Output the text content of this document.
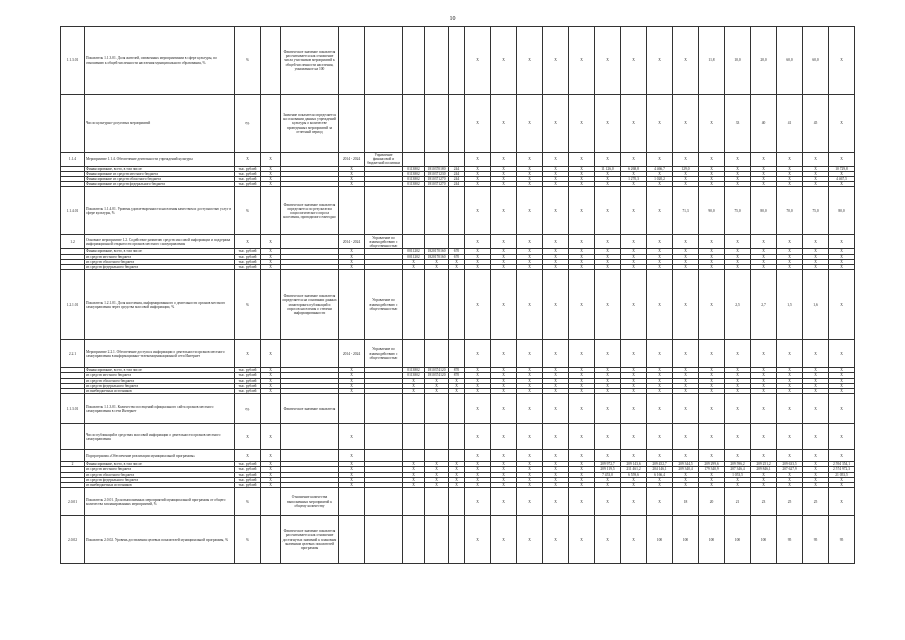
10
1.1.3.01	Показатель 1.1.3.01. Доля жителей, охваченных мероприятиями в сфере культуры, по отношению к общей численности населения муниципального образования, %	%		Фактическое значение показателя рассчитывается как отношение числа участников мероприятий к общей численности населения, умноженное на 100						X	X	X	X	X	X	X	X	X	11,8	10,0	20,0	60,0	60,0	X
	Число культурно-досуговых мероприятий	ед.		Значение показателя определяется на основании данных учреждений культуры о количестве проведенных мероприятий за отчетный период						X	X	X	X	X	X	X	X	X	X	33	40	41	45	X
1.1.4	Мероприятие 1.1.4. Обеспечение деятельности учреждений культуры	X	X		2014 - 2024	Управление финансовой и бюджетной политики				X	X	X	X	X	X	X	X	X	X	X	X	X	X	X
	Финансирование, всего, в том числе:	тыс. рублей	X		X		0113802	1810370180	244	X	X	X	X	X	11 126,0	6 268,8	4 466,7	129,0	X	X	X	X	X	10 729,8
	Финансирование из средств местного бюджета	тыс. рублей	X		X		0113802	1810371230	244	X	X	X	X	X	X	X	X	X	X	X	X	X	X	X
	Финансирование из средств областного бюджета	тыс. рублей	X		X		0113802	1810371270	244	X	X	X	X	X	X	1 270,3	1 020,2	X	X	X	X	X	X	4 467,5
	Финансирование из средств федерального бюджета	тыс. рублей	X		X		0113802	1810371270	244	X	X	X	X	X	X	X	X	X	X	X	X	X	X	X
1.1.4.01	Показатель 1.1.4.01. Уровень удовлетворенности населения качеством и доступностью услуг в сфере культуры, %	%		Фактическое значение показателя определяется по результатам социологического опроса населения, проводимого ежегодно						X	X	X	X	X	X	X	X	71,3	90,0	75,0	80,0	70,0	75,0	80,0
1.2	Основное мероприятие 1.2. Содействие развитию средств массовой информации и поддержка информационной открытости органов местного самоуправления	X	X		2014 - 2024	Управление по взаимодействию с общественностью				X	X	X	X	X	X	X	X	X	X	X	X	X	X	X
	Финансирование, всего, в том числе:	тыс. рублей	X		X		0011202	1820170160	670	X	X	X	X	X	X	X	X	X	X	X	X	X	X	X
	из средств местного бюджета	тыс. рублей	X		X		0011202	1820170160	670	X	X	X	X	X	X	X	X	X	X	X	X	X	X	X
	из средств областного бюджета	тыс. рублей	X		X		X	X	X	X	X	X	X	X	X	X	X	X	X	X	X	X	X	X
	из средств федерального бюджета	тыс. рублей	X		X		X	X	X	X	X	X	X	X	X	X	X	X	X	X	X	X	X	X
1.2.1.01	Показатель 1.2.1.01. Доля населения, информированного о деятельности органов местного самоуправления через средства массовой информации, %	%		Фактическое значение показателя определяется на основании данных мониторинга публикаций и опросов населения о степени информированности		Управление по взаимодействию с общественностью				X	X	X	X	X	X	X	X	X	X	2,5	2,7	1,5	1,6	X
2.2.1	Мероприятие 2.2.1. Обеспечение доступа к информации о деятельности органов местного самоуправления в информационно-телекоммуникационной сети Интернет	X	X		2014 - 2024	Управление по взаимодействию с общественностью				X	X	X	X	X	X	X	X	X	X	X	X	X	X	X
	Финансирование, всего, в том числе:	тыс. рублей	X		X		0113802	1810374120	870	X	X	X	X	X	X	X	X	X	X	X	X	X	X	X
	из средств местного бюджета	тыс. рублей	X		X		0113802	1810374120	870	X	X	X	X	X	X	X	X	X	X	X	X	X	X	X
	из средств областного бюджета	тыс. рублей	X		X		X	X	X	X	X	X	X	X	X	X	X	X	X	X	X	X	X	X
	из средств федерального бюджета	тыс. рублей	X		X		X	X	X	X	X	X	X	X	X	X	X	X	X	X	X	X	X	X
	из внебюджетных источников	тыс. рублей	X		X		X	X	X	X	X	X	X	X	X	X	X	X	X	X	X	X	X	X
1.1.3.01	Показатель 1.1.3.01. Количество посещений официального сайта органов местного самоуправления в сети Интернет	ед.		Фактическое значение показателя						X	X	X	X	X	X	X	X	X	X	X	X	X	X	X
	Число публикаций в средствах массовой информации о деятельности органов местного самоуправления	X	X		X					X	X	X	X	X	X	X	X	X	X	X	X	X	X	X
	Подпрограмма «Обеспечение реализации муниципальной программы»	X	X		X					X	X	X	X	X	X	X	X	X	X	X	X	X	X	X
2	Финансирование, всего, в том числе:	тыс. рублей	X		X		X	X	X	X	X	X	X	X	209 972,7	209 143,6	209 452,7	209 344,5	209 299,6	209 596,2	209 251,2	209 633,5	X	2 594 354,1
	из средств местного бюджета	тыс. рублей	X		X		X	X	X	X	X	X	X	X	209 119,5	211 461,2	204 146,1	209 340,4	179 340,9	207 346,4	209 846,1	207 627,9	X	2 574 972,3
	из средств областного бюджета	тыс. рублей	X		X		X	X	X	X	X	X	X	X	7 453,0	6 559,6	6 166,4	X	X	1 053,5	X	X	X	21 053,5
	из средств федерального бюджета	тыс. рублей	X		X		X	X	X	X	X	X	X	X	X	X	X	X	X	X	X	X	X	X
	из внебюджетных источников	тыс. рублей	X		X		X	X	X	X	X	X	X	X	X	X	X	X	X	X	X	X	X	X
2.0.01	Показатель 2.0.01. Доля выполненных мероприятий муниципальной программы от общего количества запланированных мероприятий, %	%		Отношение количества выполненных мероприятий к общему количеству						X	X	X	X	X	X	X	X	18	20	21	23	25	25	X
2.0.02	Показатель 2.0.02. Уровень достижения целевых показателей муниципальной программы, %	%		Фактическое значение показателя рассчитывается как отношение достигнутых значений к плановым значениям целевых показателей программы						X	X	X	X	X	X	X	100	100	100	100	100	95	95	95
